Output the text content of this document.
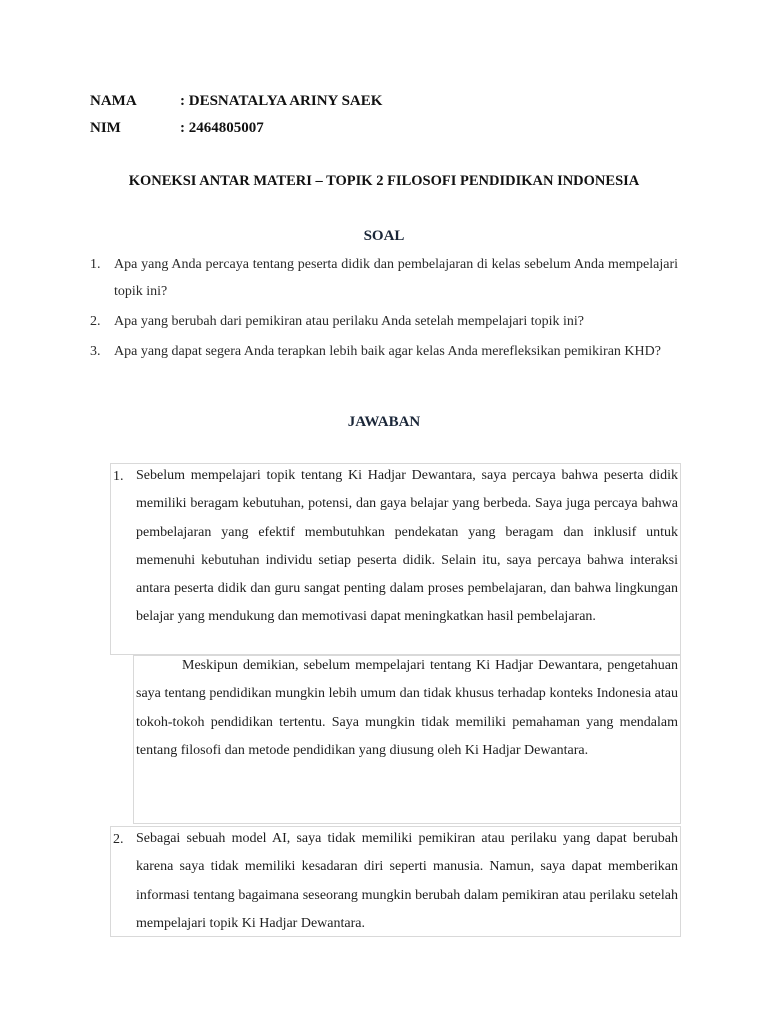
NAMA	: DESNATALYA ARINY SAEK
NIM	: 2464805007
KONEKSI ANTAR MATERI – TOPIK 2 FILOSOFI PENDIDIKAN INDONESIA
SOAL
1. Apa yang Anda percaya tentang peserta didik dan pembelajaran di kelas sebelum Anda mempelajari topik ini?
2. Apa yang berubah dari pemikiran atau perilaku Anda setelah mempelajari topik ini?
3. Apa yang dapat segera Anda terapkan lebih baik agar kelas Anda merefleksikan pemikiran KHD?
JAWABAN
1. Sebelum mempelajari topik tentang Ki Hadjar Dewantara, saya percaya bahwa peserta didik memiliki beragam kebutuhan, potensi, dan gaya belajar yang berbeda. Saya juga percaya bahwa pembelajaran yang efektif membutuhkan pendekatan yang beragam dan inklusif untuk memenuhi kebutuhan individu setiap peserta didik. Selain itu, saya percaya bahwa interaksi antara peserta didik dan guru sangat penting dalam proses pembelajaran, dan bahwa lingkungan belajar yang mendukung dan memotivasi dapat meningkatkan hasil pembelajaran.
Meskipun demikian, sebelum mempelajari tentang Ki Hadjar Dewantara, pengetahuan saya tentang pendidikan mungkin lebih umum dan tidak khusus terhadap konteks Indonesia atau tokoh-tokoh pendidikan tertentu. Saya mungkin tidak memiliki pemahaman yang mendalam tentang filosofi dan metode pendidikan yang diusung oleh Ki Hadjar Dewantara.
2. Sebagai sebuah model AI, saya tidak memiliki pemikiran atau perilaku yang dapat berubah karena saya tidak memiliki kesadaran diri seperti manusia. Namun, saya dapat memberikan informasi tentang bagaimana seseorang mungkin berubah dalam pemikiran atau perilaku setelah mempelajari topik Ki Hadjar Dewantara.
